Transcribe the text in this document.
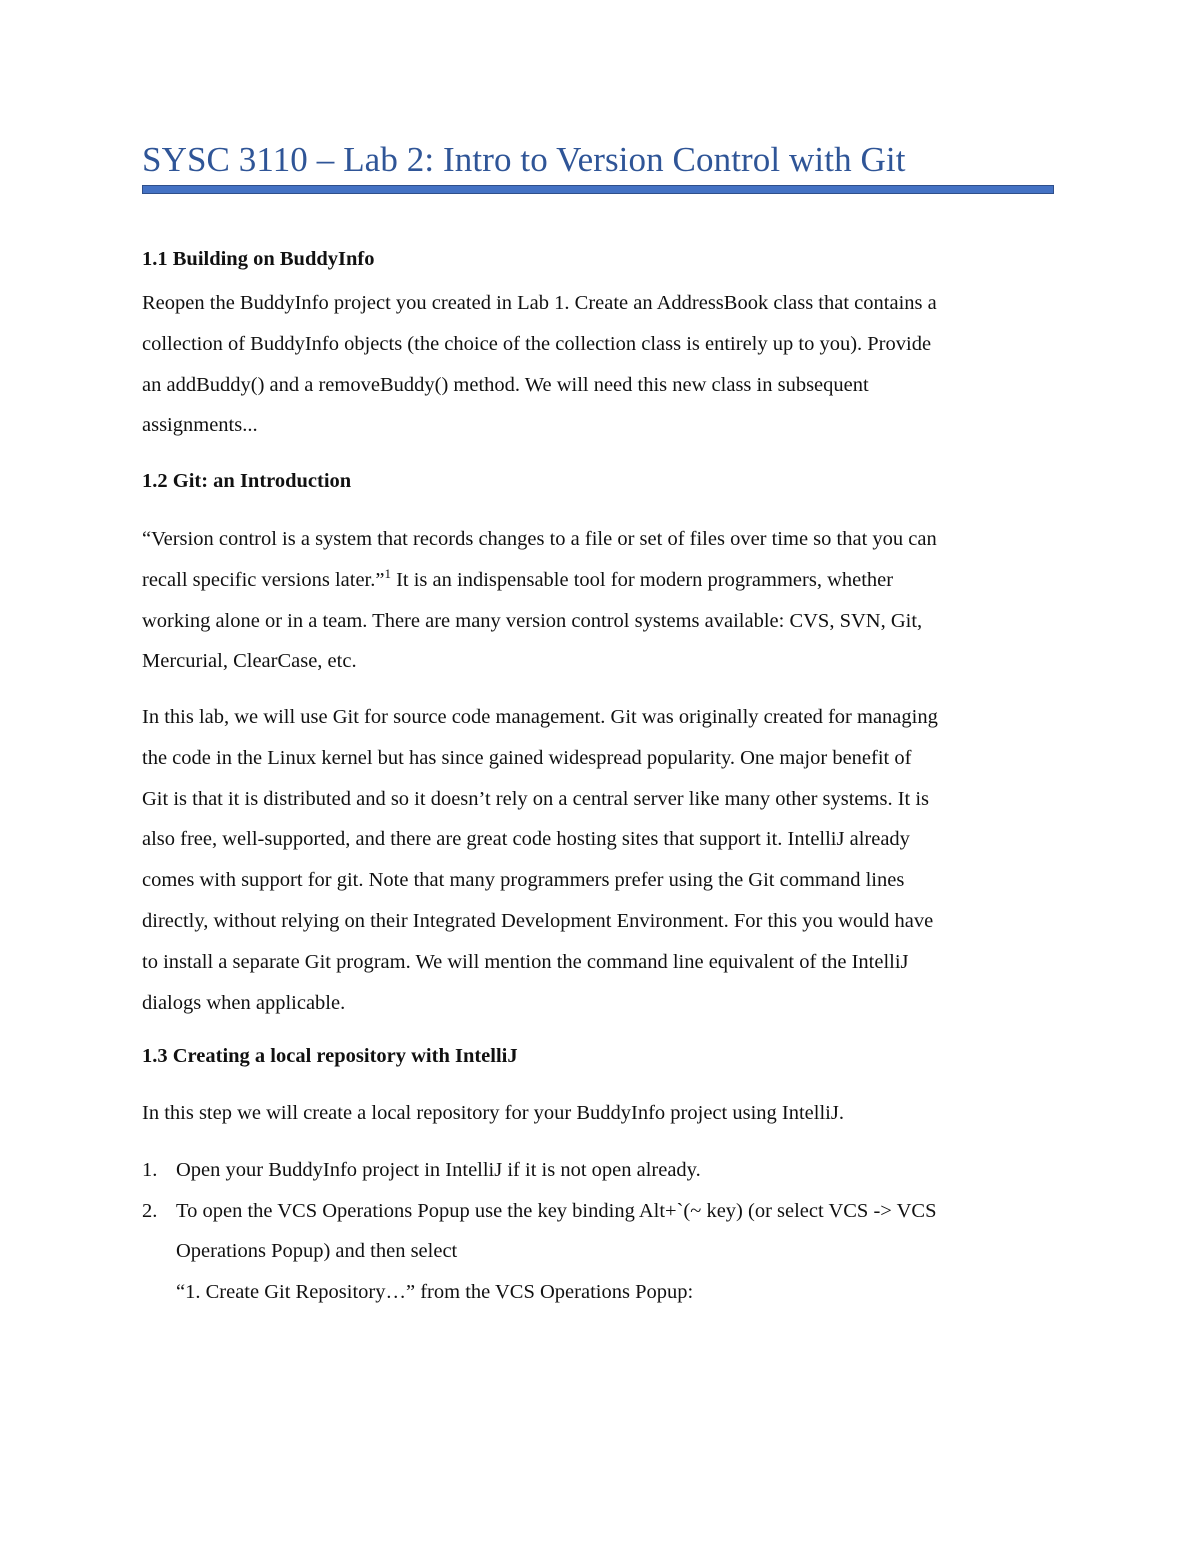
SYSC 3110 – Lab 2: Intro to Version Control with Git
1.1 Building on BuddyInfo

Reopen the BuddyInfo project you created in Lab 1. Create an AddressBook class that contains a
collection of BuddyInfo objects (the choice of the collection class is entirely up to you). Provide
an addBuddy() and a removeBuddy() method. We will need this new class in subsequent
assignments...

1.2 Git: an Introduction

“Version control is a system that records changes to a file or set of files over time so that you can
recall specific versions later.”$^1$ It is an indispensable tool for modern programmers, whether
working alone or in a team. There are many version control systems available: CVS, SVN, Git,
Mercurial, ClearCase, etc.

In this lab, we will use Git for source code management. Git was originally created for managing
the code in the Linux kernel but has since gained widespread popularity. One major benefit of
Git is that it is distributed and so it doesn’t rely on a central server like many other systems. It is
also free, well-supported, and there are great code hosting sites that support it. IntelliJ already
comes with support for git. Note that many programmers prefer using the Git command lines
directly, without relying on their Integrated Development Environment. For this you would have
to install a separate Git program. We will mention the command line equivalent of the IntelliJ
dialogs when applicable.

1.3 Creating a local repository with IntelliJ

In this step we will create a local repository for your BuddyInfo project using IntelliJ.

1. Open your BuddyInfo project in IntelliJ if it is not open already.
2. To open the VCS Operations Popup use the key binding Alt+`(~ key) (or select VCS -> VCS
Operations Popup) and then select
“1. Create Git Repository…” from the VCS Operations Popup:
